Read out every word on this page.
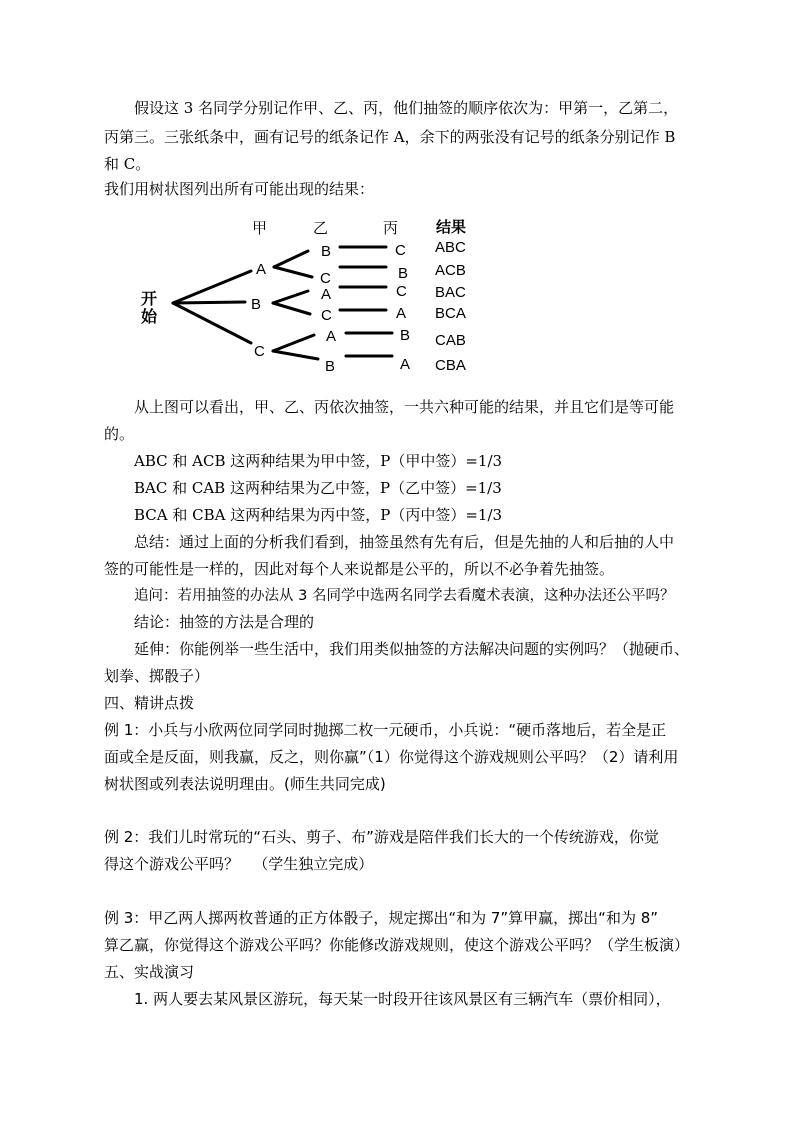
假设这 3 名同学分别记作甲、乙、丙，他们抽签的顺序依次为：甲第一，乙第二，
丙第三。三张纸条中，画有记号的纸条记作 A，余下的两张没有记号的纸条分别记作 B
和 C。
我们用树状图列出所有可能出现的结果：
甲	乙	丙	结果
开
始
A
B
C
B
C
A
C
A
B
C
B
C
A
B
A
ABC
ACB
BAC
BCA
CAB
CBA
从上图可以看出，甲、乙、丙依次抽签，一共六种可能的结果，并且它们是等可能
的。
ABC 和 ACB 这两种结果为甲中签，P（甲中签）=1/3
BAC 和 CAB 这两种结果为乙中签，P（乙中签）=1/3
BCA 和 CBA 这两种结果为丙中签，P（丙中签）=1/3
总结：通过上面的分析我们看到，抽签虽然有先有后，但是先抽的人和后抽的人中
签的可能性是一样的，因此对每个人来说都是公平的，所以不必争着先抽签。
追问：若用抽签的办法从 3 名同学中选两名同学去看魔术表演，这种办法还公平吗？
结论：抽签的方法是合理的
延伸：你能例举一些生活中，我们用类似抽签的方法解决问题的实例吗？（抛硬币、
划拳、掷骰子）
四、精讲点拨
例 1：小兵与小欣两位同学同时抛掷二枚一元硬币，小兵说：“硬币落地后，若全是正
面或全是反面，则我赢，反之，则你赢”（1）你觉得这个游戏规则公平吗？（2）请利用
树状图或列表法说明理由。(师生共同完成)
例 2：我们儿时常玩的“石头、剪子、布”游戏是陪伴我们长大的一个传统游戏，你觉
得这个游戏公平吗？   （学生独立完成）
例 3：甲乙两人掷两枚普通的正方体骰子，规定掷出“和为 7”算甲赢，掷出“和为 8”
算乙赢，你觉得这个游戏公平吗？你能修改游戏规则，使这个游戏公平吗？（学生板演）
五、实战演习
1. 两人要去某风景区游玩，每天某一时段开往该风景区有三辆汽车（票价相同），
